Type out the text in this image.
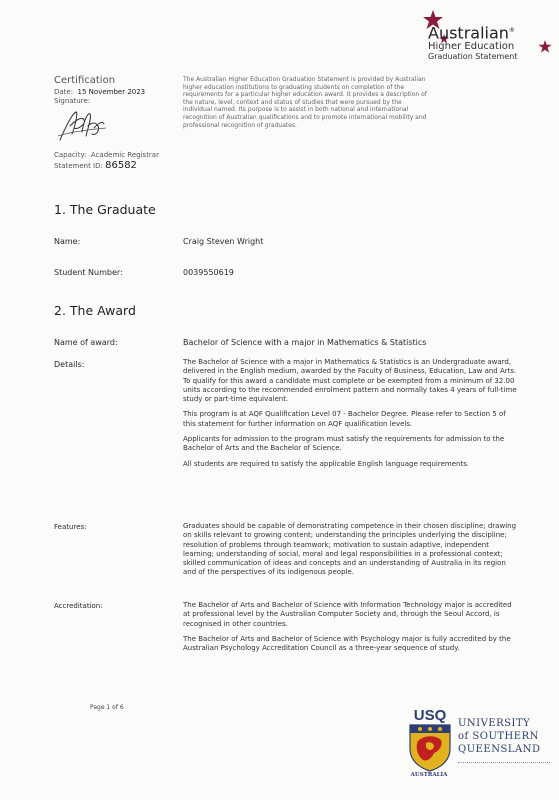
Australian®
Higher Education
Graduation Statement
Certification
Date: 15 November 2023
Signature:
Capacity: Academic Registrar
Statement ID: 86582
The Australian Higher Education Graduation Statement is provided by Australian higher education institutions to graduating students on completion of the requirements for a particular higher education award. It provides a description of the nature, level, context and status of studies that were pursued by the individual named. Its purpose is to assist in both national and international recognition of Australian qualifications and to promote international mobility and professional recognition of graduates.
1. The Graduate
Name:	Craig Steven Wright
Student Number:	0039550619
2. The Award
Name of award:	Bachelor of Science with a major in Mathematics & Statistics
Details:	The Bachelor of Science with a major in Mathematics & Statistics is an Undergraduate award, delivered in the English medium, awarded by the Faculty of Business, Education, Law and Arts. To qualify for this award a candidate must complete or be exempted from a minimum of 32.00 units according to the recommended enrolment pattern and normally takes 4 years of full-time study or part-time equivalent.

This program is at AQF Qualification Level 07 - Bachelor Degree. Please refer to Section 5 of this statement for further information on AQF qualification levels.

Applicants for admission to the program must satisfy the requirements for admission to the Bachelor of Arts and the Bachelor of Science.

All students are required to satisfy the applicable English language requirements.

Features:	Graduates should be capable of demonstrating competence in their chosen discipline; drawing on skills relevant to growing content; understanding the principles underlying the discipline; resolution of problems through teamwork; motivation to sustain adaptive, independent learning; understanding of social, moral and legal responsibilities in a professional context; skilled communication of ideas and concepts and an understanding of Australia in its region and of the perspectives of its indigenous people.
Accreditation:	The Bachelor of Arts and Bachelor of Science with Information Technology major is accredited at professional level by the Australian Computer Society and, through the Seoul Accord, is recognised in other countries.

The Bachelor of Arts and Bachelor of Science with Psychology major is fully accredited by the Australian Psychology Accreditation Council as a three-year sequence of study.

Page 1 of 6	USQ UNIVERSITY
of SOUTHERN
QUEENSLAND
AUSTRALIA
